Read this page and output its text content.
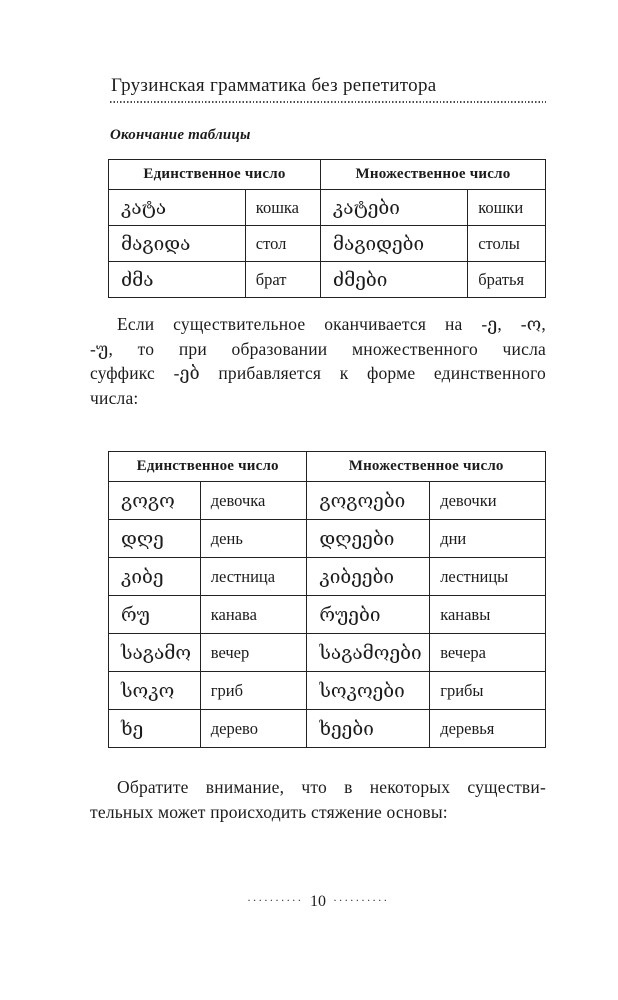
Грузинская грамматика без репетитора
Окончание таблицы
Единственное число		Множественное число	
კატა	кошка	კატები	кошки
მაგიდა	стол	მაგიდები	столы
ძმა	брат	ძმები	братья
Если существительное оканчивается на -ე, -ო,
-უ, то при образовании множественного числа
суффикс -ებ прибавляется к форме единственного
числа:
Единственное число		Множественное число	
გოგო	девочка	გოგოები	девочки
დღე	день	დღეები	дни
კიბე	лестница	კიბეები	лестницы
რუ	канава	რუები	канавы
საგამო	вечер	საგამოები	вечера
სოკო	гриб	სოკოები	грибы
ხე	дерево	ხეები	деревья
Обратите внимание, что в некоторых существи-
тельных может происходить стяжение основы:
·········· 10 ··········
